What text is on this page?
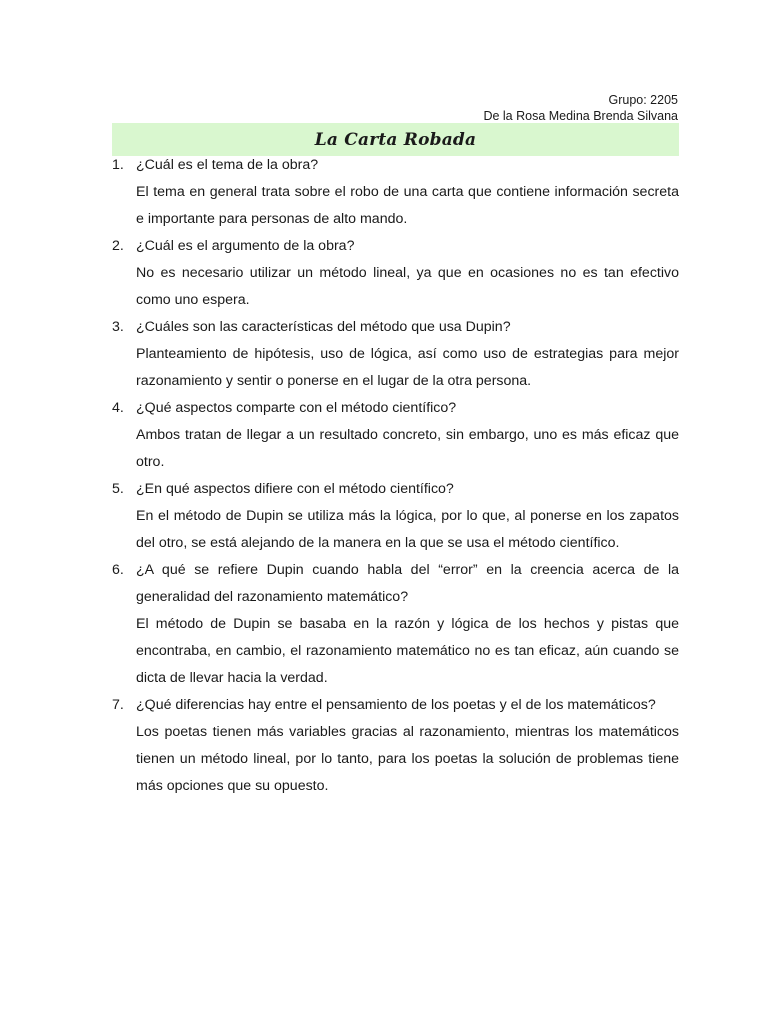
Grupo: 2205
De la Rosa Medina Brenda Silvana
La Carta Robada
1. ¿Cuál es el tema de la obra?
El tema en general trata sobre el robo de una carta que contiene información secreta e importante para personas de alto mando.
2. ¿Cuál es el argumento de la obra?
No es necesario utilizar un método lineal, ya que en ocasiones no es tan efectivo como uno espera.
3. ¿Cuáles son las características del método que usa Dupin?
Planteamiento de hipótesis, uso de lógica, así como uso de estrategias para mejor razonamiento y sentir o ponerse en el lugar de la otra persona.
4. ¿Qué aspectos comparte con el método científico?
Ambos tratan de llegar a un resultado concreto, sin embargo, uno es más eficaz que otro.
5. ¿En qué aspectos difiere con el método científico?
En el método de Dupin se utiliza más la lógica, por lo que, al ponerse en los zapatos del otro, se está alejando de la manera en la que se usa el método científico.
6. ¿A qué se refiere Dupin cuando habla del “error” en la creencia acerca de la generalidad del razonamiento matemático?
El método de Dupin se basaba en la razón y lógica de los hechos y pistas que encontraba, en cambio, el razonamiento matemático no es tan eficaz, aún cuando se dicta de llevar hacia la verdad.
7. ¿Qué diferencias hay entre el pensamiento de los poetas y el de los matemáticos?
Los poetas tienen más variables gracias al razonamiento, mientras los matemáticos tienen un método lineal, por lo tanto, para los poetas la solución de problemas tiene más opciones que su opuesto.
